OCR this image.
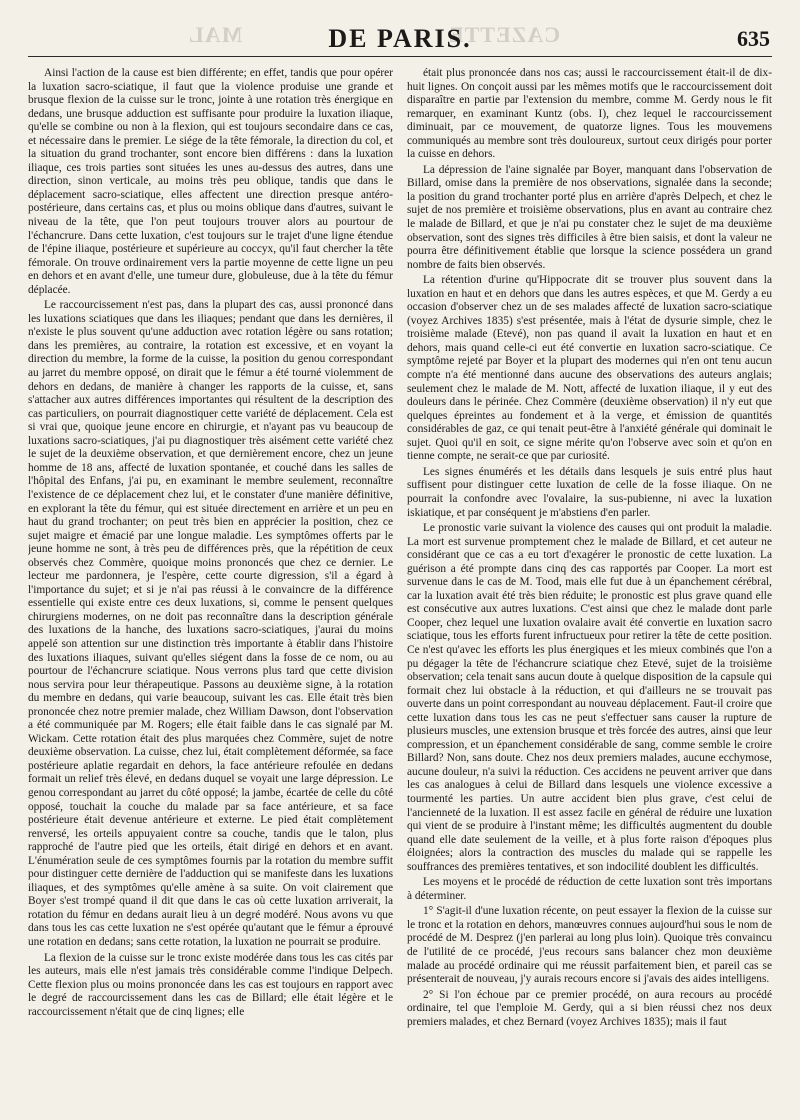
MAL	CAZETTE
DE PARIS.	635

Ainsi l'action de la cause est bien différente; en effet, tandis que pour opérer la luxation sacro-sciatique, il faut que la violence produise une grande et brusque flexion de la cuisse sur le tronc, jointe à une rotation très énergique en dedans, une brusque adduction est suffisante pour produire la luxation iliaque, qu'elle se combine ou non à la flexion, qui est toujours secondaire dans ce cas, et nécessaire dans le premier. Le siége de la tête fémorale, la direction du col, et la situation du grand trochanter, sont encore bien différens : dans la luxation iliaque, ces trois parties sont situées les unes au-dessus des autres, dans une direction, sinon verticale, au moins très peu oblique, tandis que dans le déplacement sacro-sciatique, elles affectent une direction presque antéro-postérieure, dans certains cas, et plus ou moins oblique dans d'autres, suivant le niveau de la tête, que l'on peut toujours trouver alors au pourtour de l'échancrure. Dans cette luxation, c'est toujours sur le trajet d'une ligne étendue de l'épine iliaque, postérieure et supérieure au coccyx, qu'il faut chercher la tête fémorale. On trouve ordinairement vers la partie moyenne de cette ligne un peu en dehors et en avant d'elle, une tumeur dure, globuleuse, due à la tête du fémur déplacée.

Le raccourcissement n'est pas, dans la plupart des cas, aussi prononcé dans les luxations sciatiques que dans les iliaques; pendant que dans les dernières, il n'existe le plus souvent qu'une adduction avec rotation légère ou sans rotation; dans les premières, au contraire, la rotation est excessive, et en voyant la direction du membre, la forme de la cuisse, la position du genou correspondant au jarret du membre opposé, on dirait que le fémur a été tourné violemment de dehors en dedans, de manière à changer les rapports de la cuisse, et, sans s'attacher aux autres différences importantes qui résultent de la description des cas particuliers, on pourrait diagnostiquer cette variété de déplacement. Cela est si vrai que, quoique jeune encore en chirurgie, et n'ayant pas vu beaucoup de luxations sacro-sciatiques, j'ai pu diagnostiquer très aisément cette variété chez le sujet de la deuxième observation, et que dernièrement encore, chez un jeune homme de 18 ans, affecté de luxation spontanée, et couché dans les salles de l'hôpital des Enfans, j'ai pu, en examinant le membre seulement, reconnaître l'existence de ce déplacement chez lui, et le constater d'une manière définitive, en explorant la tête du fémur, qui est située directement en arrière et un peu en haut du grand trochanter; on peut très bien en apprécier la position, chez ce sujet maigre et émacié par une longue maladie. Les symptômes offerts par le jeune homme ne sont, à très peu de différences près, que la répétition de ceux observés chez Commère, quoique moins prononcés que chez ce dernier. Le lecteur me pardonnera, je l'espère, cette courte digression, s'il a égard à l'importance du sujet; et si je n'ai pas réussi à le convaincre de la différence essentielle qui existe entre ces deux luxations, si, comme le pensent quelques chirurgiens modernes, on ne doit pas reconnaître dans la description générale des luxations de la hanche, des luxations sacro-sciatiques, j'aurai du moins appelé son attention sur une distinction très importante à établir dans l'histoire des luxations iliaques, suivant qu'elles siégent dans la fosse de ce nom, ou au pourtour de l'échancrure sciatique. Nous verrons plus tard que cette division nous servira pour leur thérapeutique. Passons au deuxième signe, à la rotation du membre en dedans, qui varie beaucoup, suivant les cas. Elle était très bien prononcée chez notre premier malade, chez William Dawson, dont l'observation a été communiquée par M. Rogers; elle était faible dans le cas signalé par M. Wickam. Cette rotation était des plus marquées chez Commère, sujet de notre deuxième observation. La cuisse, chez lui, était complètement déformée, sa face postérieure aplatie regardait en dehors, la face antérieure refoulée en dedans formait un relief très élevé, en dedans duquel se voyait une large dépression. Le genou correspondant au jarret du côté opposé; la jambe, écartée de celle du côté opposé, touchait la couche du malade par sa face antérieure, et sa face postérieure était devenue antérieure et externe. Le pied était complètement renversé, les orteils appuyaient contre sa couche, tandis que le talon, plus rapproché de l'autre pied que les orteils, était dirigé en dehors et en avant. L'énumération seule de ces symptômes fournis par la rotation du membre suffit pour distinguer cette dernière de l'adduction qui se manifeste dans les luxations iliaques, et des symptômes qu'elle amène à sa suite. On voit clairement que Boyer s'est trompé quand il dit que dans le cas où cette luxation arriverait, la rotation du fémur en dedans aurait lieu à un degré modéré. Nous avons vu que dans tous les cas cette luxation ne s'est opérée qu'autant que le fémur a éprouvé une rotation en dedans; sans cette rotation, la luxation ne pourrait se produire.

La flexion de la cuisse sur le tronc existe modérée dans tous les cas cités par les auteurs, mais elle n'est jamais très considérable comme l'indique Delpech. Cette flexion plus ou moins prononcée dans les cas est toujours en rapport avec le degré de raccourcissement dans les cas de Billard; elle était légère et le raccourcissement n'était que de cinq lignes; elle

était plus prononcée dans nos cas; aussi le raccourcissement était-il de dix-huit lignes. On conçoit aussi par les mêmes motifs que le raccourcissement doit disparaître en partie par l'extension du membre, comme M. Gerdy nous le fit remarquer, en examinant Kuntz (obs. I), chez lequel le raccourcissement diminuait, par ce mouvement, de quatorze lignes. Tous les mouvemens communiqués au membre sont très douloureux, surtout ceux dirigés pour porter la cuisse en dehors.

La dépression de l'aine signalée par Boyer, manquant dans l'observation de Billard, omise dans la première de nos observations, signalée dans la seconde; la position du grand trochanter porté plus en arrière d'après Delpech, et chez le sujet de nos première et troisième observations, plus en avant au contraire chez le malade de Billard, et que je n'ai pu constater chez le sujet de ma deuxième observation, sont des signes très difficiles à être bien saisis, et dont la valeur ne pourra être définitivement établie que lorsque la science possédera un grand nombre de faits bien observés.

La rétention d'urine qu'Hippocrate dit se trouver plus souvent dans la luxation en haut et en dehors que dans les autres espèces, et que M. Gerdy a eu occasion d'observer chez un de ses malades affecté de luxation sacro-sciatique (voyez Archives 1835) s'est présentée, mais à l'état de dysurie simple, chez le troisième malade (Etevé), non pas quand il avait la luxation en haut et en dehors, mais quand celle-ci eut été convertie en luxation sacro-sciatique. Ce symptôme rejeté par Boyer et la plupart des modernes qui n'en ont tenu aucun compte n'a été mentionné dans aucune des observations des auteurs anglais; seulement chez le malade de M. Nott, affecté de luxation iliaque, il y eut des douleurs dans le périnée. Chez Commère (deuxième observation) il n'y eut que quelques épreintes au fondement et à la verge, et émission de quantités considérables de gaz, ce qui tenait peut-être à l'anxiété générale qui dominait le sujet. Quoi qu'il en soit, ce signe mérite qu'on l'observe avec soin et qu'on en tienne compte, ne serait-ce que par curiosité.

Les signes énumérés et les détails dans lesquels je suis entré plus haut suffisent pour distinguer cette luxation de celle de la fosse iliaque. On ne pourrait la confondre avec l'ovalaire, la sus-pubienne, ni avec la luxation iskiatique, et par conséquent je m'abstiens d'en parler.

Le pronostic varie suivant la violence des causes qui ont produit la maladie. La mort est survenue promptement chez le malade de Billard, et cet auteur ne considérant que ce cas a eu tort d'exagérer le pronostic de cette luxation. La guérison a été prompte dans cinq des cas rapportés par Cooper. La mort est survenue dans le cas de M. Tood, mais elle fut due à un épanchement cérébral, car la luxation avait été très bien réduite; le pronostic est plus grave quand elle est consécutive aux autres luxations. C'est ainsi que chez le malade dont parle Cooper, chez lequel une luxation ovalaire avait été convertie en luxation sacro sciatique, tous les efforts furent infructueux pour retirer la tête de cette position. Ce n'est qu'avec les efforts les plus énergiques et les mieux combinés que l'on a pu dégager la tête de l'échancrure sciatique chez Etevé, sujet de la troisième observation; cela tenait sans aucun doute à quelque disposition de la capsule qui formait chez lui obstacle à la réduction, et qui d'ailleurs ne se trouvait pas ouverte dans un point correspondant au nouveau déplacement. Faut-il croire que cette luxation dans tous les cas ne peut s'effectuer sans causer la rupture de plusieurs muscles, une extension brusque et très forcée des autres, ainsi que leur compression, et un épanchement considérable de sang, comme semble le croire Billard? Non, sans doute. Chez nos deux premiers malades, aucune ecchymose, aucune douleur, n'a suivi la réduction. Ces accidens ne peuvent arriver que dans les cas analogues à celui de Billard dans lesquels une violence excessive a tourmenté les parties. Un autre accident bien plus grave, c'est celui de l'ancienneté de la luxation. Il est assez facile en général de réduire une luxation qui vient de se produire à l'instant même; les difficultés augmentent du double quand elle date seulement de la veille, et à plus forte raison d'époques plus éloignées; alors la contraction des muscles du malade qui se rappelle les souffrances des premières tentatives, et son indocilité doublent les difficultés.

Les moyens et le procédé de réduction de cette luxation sont très importans à déterminer.

1° S'agit-il d'une luxation récente, on peut essayer la flexion de la cuisse sur le tronc et la rotation en dehors, manœuvres connues aujourd'hui sous le nom de procédé de M. Desprez (j'en parlerai au long plus loin). Quoique très convaincu de l'utilité de ce procédé, j'eus recours sans balancer chez mon deuxième malade au procédé ordinaire qui me réussit parfaitement bien, et pareil cas se présenterait de nouveau, j'y aurais recours encore si j'avais des aides intelligens.

2° Si l'on échoue par ce premier procédé, on aura recours au procédé ordinaire, tel que l'emploie M. Gerdy, qui a si bien réussi chez nos deux premiers malades, et chez Bernard (voyez Archives 1835); mais il faut
